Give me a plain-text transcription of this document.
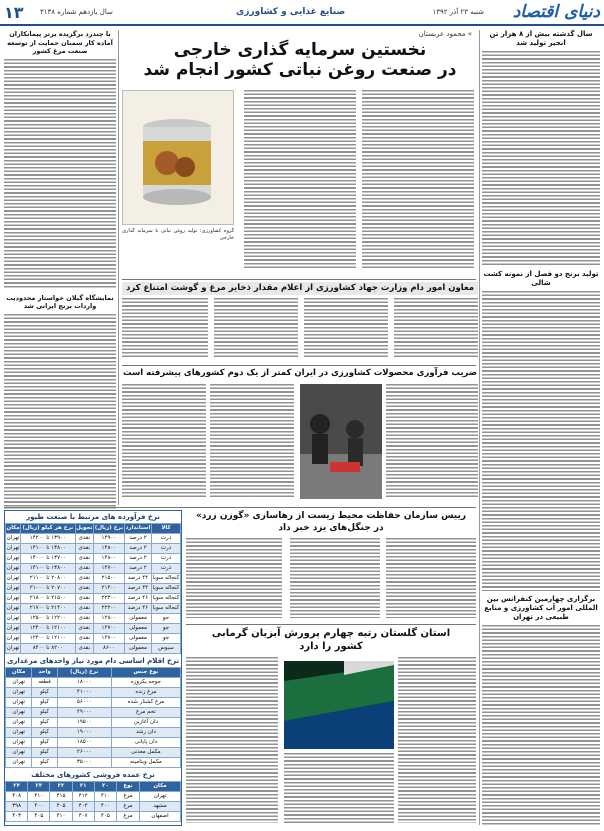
دنیای اقتصاد
شنبه ۲۳ آذر ۱۳۹۲
صنایع غذایی و کشاورزی
سال یازدهم شماره ۳۱۳۸
۱۳
سال گذشته بیش از ۸ هزار تن انجیر تولید شد
تولید برنج دو فصل از نمونه کشت شالی
برگزاری چهارمین کنفرانس بین المللی امور آب کشاورزی و منابع طبیعی در تهران
با چندرد برگزیده برتر پیمانکاران آماده کار سمنان حمایت از توسعه صنعت مرغ کشور
نمایشگاه گیلان خواستار محدودیت واردات برنج ایرانی شد
» محمود عربستان
نخستین سرمایه گذاری خارجی
در صنعت روغن نباتی کشور انجام شد
گروه کشاورزی: تولید روغن نباتی با سرمایه گذاری خارجی
معاون امور دام وزارت جهاد کشاورزی از اعلام مقدار ذخایر مرغ و گوشت امتناع کرد
ضریب فرآوری محصولات کشاورزی در ایران کمتر از یک دوم کشورهای پیشرفته است
نرخ فرآورده های مرتبط با صنعت طیور
کالا	استاندارد	نرخ (ریال)	تحویل	نرخ هر کیلو (ریال)	مکان
ذرت	۲ درصد	۱۴۹۰۰	نقدی	۱۳۹۰۰ تا ۱۴۲۰۰	تهران
ذرت	۲ درصد	۱۴۸۰۰	نقدی	۱۳۸۰۰ تا ۱۴۱۰۰	تهران
ذرت	۲ درصد	۱۴۸۰۰	نقدی	۱۳۷۰۰ تا ۱۴۰۰۰	تهران
ذرت	۲ درصد	۱۴۷۰۰	نقدی	۱۳۸۰۰ تا ۱۴۱۰۰	تهران
کنجاله سویا	۴۴ درصد	۲۱۵۰۰	نقدی	۲۰۸۰۰ تا ۲۱۱۰۰	تهران
کنجاله سویا	۴۴ درصد	۲۱۴۰۰	نقدی	۲۰۷۰۰ تا ۲۱۰۰۰	تهران
کنجاله سویا	۴۶ درصد	۲۲۳۰۰	نقدی	۲۱۵۰۰ تا ۲۱۸۰۰	تهران
کنجاله سویا	۴۶ درصد	۲۲۲۰۰	نقدی	۲۱۴۰۰ تا ۲۱۷۰۰	تهران
جو	معمولی	۱۲۸۰۰	نقدی	۱۲۲۰۰ تا ۱۲۵۰۰	تهران
جو	معمولی	۱۲۷۰۰	نقدی	۱۲۱۰۰ تا ۱۲۴۰۰	تهران
جو	معمولی	۱۲۷۰۰	نقدی	۱۲۱۰۰ تا ۱۲۴۰۰	تهران
سبوس	معمولی	۸۶۰۰	نقدی	۸۲۰۰ تا ۸۴۰۰	تهران
نرخ اقلام اساسی دام مورد نیاز واحدهای مرغداری
نوع جنس	نرخ (ریال)	واحد	مکان
جوجه یکروزه	۱۸۰۰۰	قطعه	تهران
مرغ زنده	۴۱۰۰۰	کیلو	تهران
مرغ کشتار شده	۵۶۰۰۰	کیلو	تهران
تخم مرغ	۴۹۰۰۰	کیلو	تهران
دان آغازین	۱۹۵۰۰	کیلو	تهران
دان رشد	۱۹۰۰۰	کیلو	تهران
دان پایانی	۱۸۵۰۰	کیلو	تهران
مکمل معدنی	۲۶۰۰۰	کیلو	تهران
مکمل ویتامینه	۳۵۰۰۰	کیلو	تهران
نرخ عمده فروشی کشورهای مختلف
مکان	نوع	۲۰	۲۱	۲۲	۲۳	۲۴
تهران	مرغ	۴۱۰	۴۱۲	۴۱۵	۴۱۰	۴۰۸
مشهد	مرغ	۴۰۰	۴۰۲	۴۰۵	۴۰۰	۳۹۸
اصفهان	مرغ	۴۰۵	۴۰۷	۴۱۰	۴۰۵	۴۰۳
رییس سازمان حفاظت محیط زیست از رهاسازی «گوزن زرد»
در جنگل‌های یزد خبر داد
استان گلستان رتبه چهارم پرورش آبزیان گرمابی
کشور را دارد
